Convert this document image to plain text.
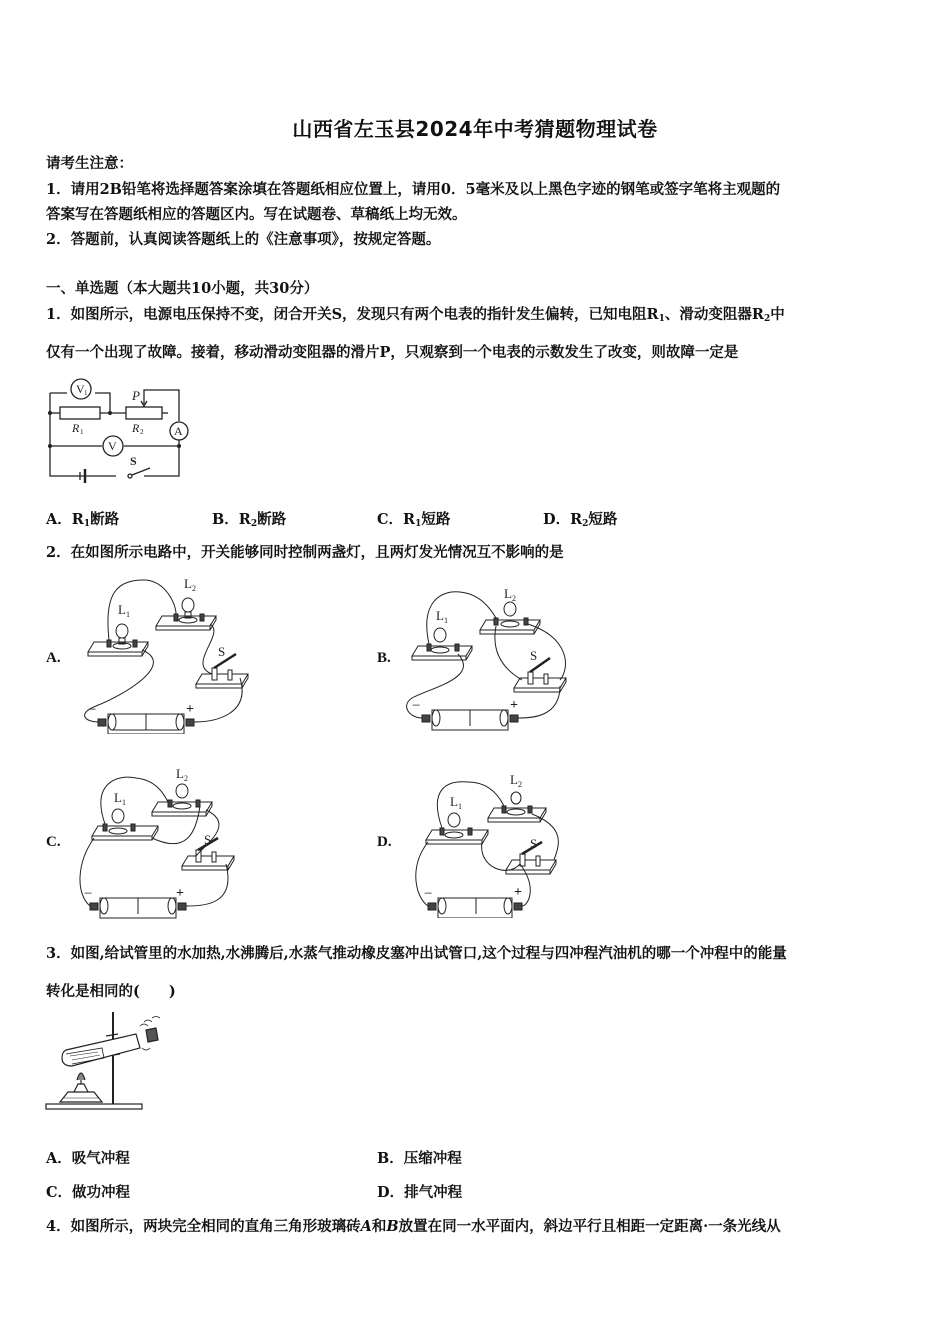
山西省左玉县2024年中考猜题物理试卷
请考生注意：
1．请用2B铅笔将选择题答案涂填在答题纸相应位置上，请用0．5毫米及以上黑色字迹的钢笔或签字笔将主观题的
答案写在答题纸相应的答题区内。写在试题卷、草稿纸上均无效。
2．答题前，认真阅读答题纸上的《注意事项》，按规定答题。
一、单选题（本大题共10小题，共30分）
1．如图所示，电源电压保持不变，闭合开关S，发现只有两个电表的指针发生偏转，已知电阻$R_1$、滑动变阻器$R_2$中
仅有一个出现了故障。接着，移动滑动变阻器的滑片P，只观察到一个电表的示数发生了改变，则故障一定是
V 1	P
R 1	R 2	A
V
S
A．$R_1$断路	B．$R_2$断路	C．$R_1$短路	D．$R_2$短路
2．在如图所示电路中，开关能够同时控制两盏灯，且两灯发光情况互不影响的是
A.
L 1
L 2
S
−	+
B.
L 1
L 2
S
−	+
C.
L 1
L 2
S
−	+
D.
L 1
L 2
S
−	+
3．如图,给试管里的水加热,水沸腾后,水蒸气推动橡皮塞冲出试管口,这个过程与四冲程汽油机的哪一个冲程中的能量
转化是相同的(　　)
A．吸气冲程	B．压缩冲程
C．做功冲程	D．排气冲程
4．如图所示，两块完全相同的直角三角形玻璃砖A和B放置在同一水平面内，斜边平行且相距一定距离·一条光线从
